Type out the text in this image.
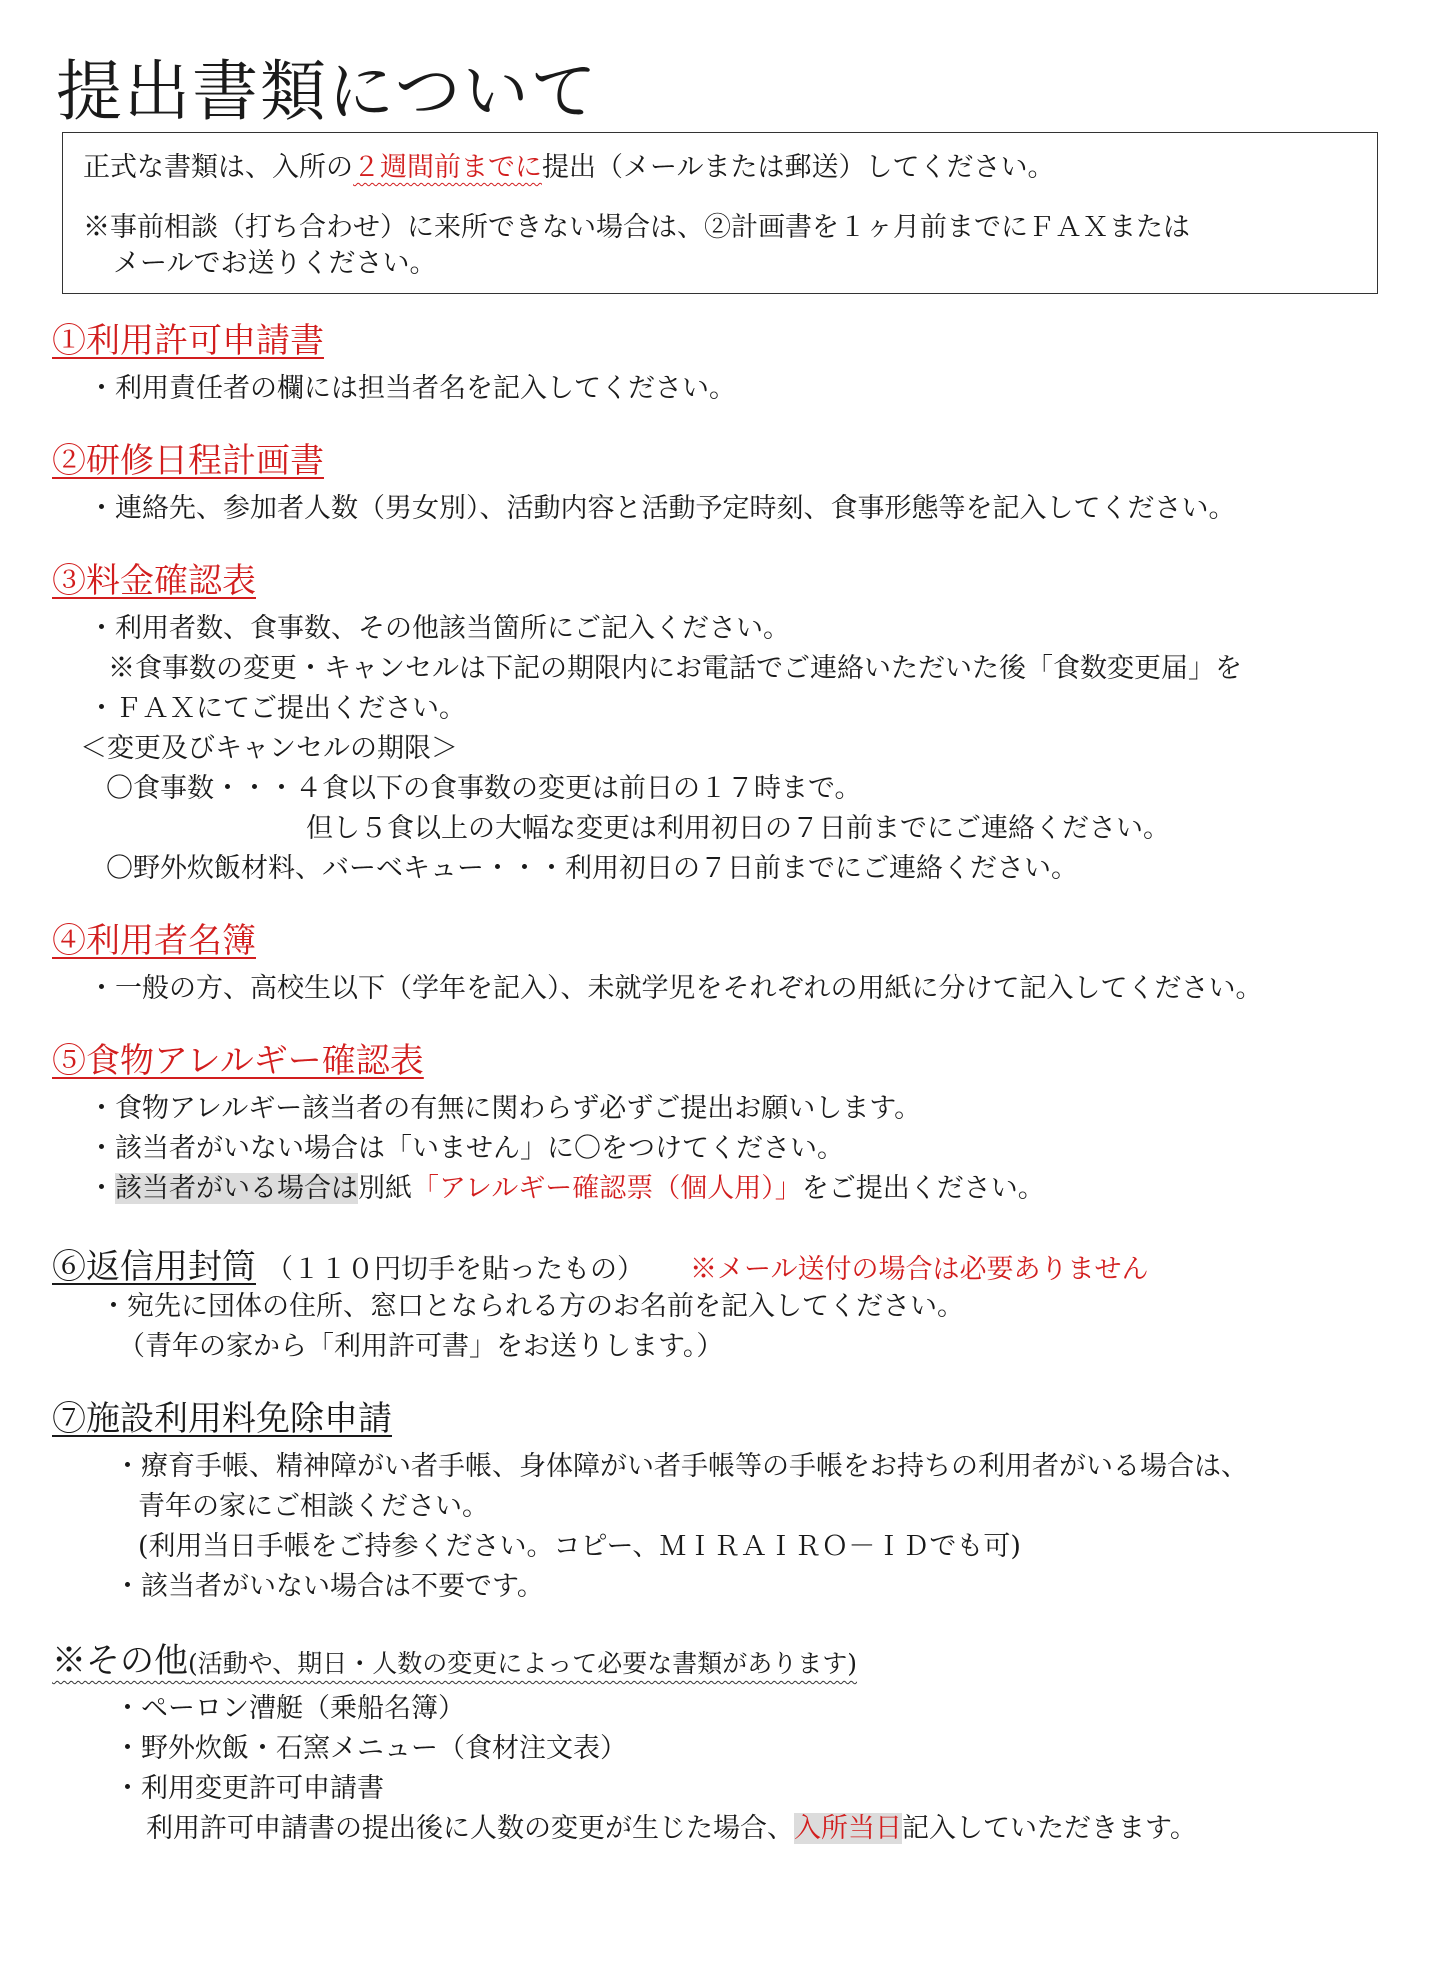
提出書類について
正式な書類は、入所の２週間前までに提出（メールまたは郵送）してください。
※事前相談（打ち合わせ）に来所できない場合は、②計画書を１ヶ月前までにＦＡＸまたは
メールでお送りください。
①利用許可申請書
・利用責任者の欄には担当者名を記入してください。
②研修日程計画書
・連絡先、参加者人数（男女別）、活動内容と活動予定時刻、食事形態等を記入してください。
③料金確認表
・利用者数、食事数、その他該当箇所にご記入ください。
※食事数の変更・キャンセルは下記の期限内にお電話でご連絡いただいた後「食数変更届」を
・ＦＡＸにてご提出ください。
＜変更及びキャンセルの期限＞
〇食事数・・・４食以下の食事数の変更は前日の１７時まで。
但し５食以上の大幅な変更は利用初日の７日前までにご連絡ください。
〇野外炊飯材料、バーベキュー・・・利用初日の７日前までにご連絡ください。
④利用者名簿
・一般の方、高校生以下（学年を記入）、未就学児をそれぞれの用紙に分けて記入してください。
⑤食物アレルギー確認表
・食物アレルギー該当者の有無に関わらず必ずご提出お願いします。
・該当者がいない場合は「いません」に〇をつけてください。
・該当者がいる場合は別紙「アレルギー確認票（個人用）」をご提出ください。
⑥返信用封筒 （１１０円切手を貼ったもの） ※メール送付の場合は必要ありません
・宛先に団体の住所、窓口となられる方のお名前を記入してください。
（青年の家から「利用許可書」をお送りします。）
⑦施設利用料免除申請
・療育手帳、精神障がい者手帳、身体障がい者手帳等の手帳をお持ちの利用者がいる場合は、
青年の家にご相談ください。
(利用当日手帳をご持参ください。コピー、ＭＩＲＡＩＲＯ－ＩＤでも可)
・該当者がいない場合は不要です。
※その他(活動や、期日・人数の変更によって必要な書類があります)
・ペーロン漕艇（乗船名簿）
・野外炊飯・石窯メニュー（食材注文表）
・利用変更許可申請書
利用許可申請書の提出後に人数の変更が生じた場合、入所当日記入していただきます。
